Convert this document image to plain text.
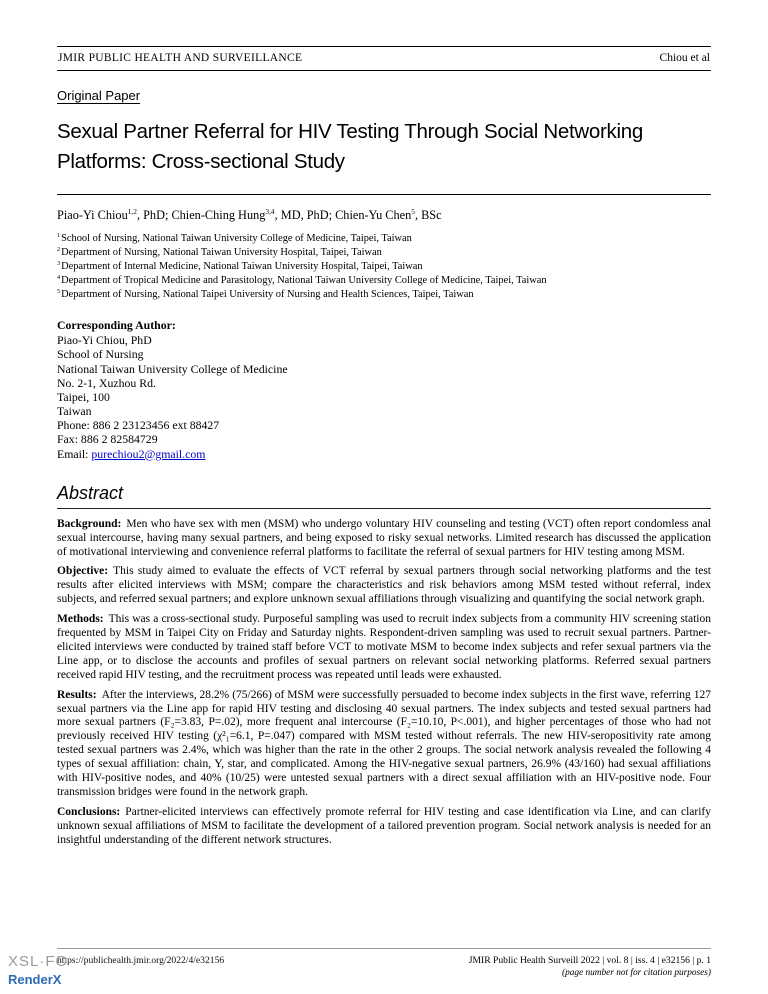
JMIR PUBLIC HEALTH AND SURVEILLANCE	Chiou et al
Original Paper
Sexual Partner Referral for HIV Testing Through Social Networking Platforms: Cross-sectional Study

Piao-Yi Chiou$^{1,2}$, PhD; Chien-Ching Hung$^{3,4}$, MD, PhD; Chien-Yu Chen$^5$, BSc

$^1$School of Nursing, National Taiwan University College of Medicine, Taipei, Taiwan
$^2$Department of Nursing, National Taiwan University Hospital, Taipei, Taiwan
$^3$Department of Internal Medicine, National Taiwan University Hospital, Taipei, Taiwan
$^4$Department of Tropical Medicine and Parasitology, National Taiwan University College of Medicine, Taipei, Taiwan
$^5$Department of Nursing, National Taipei University of Nursing and Health Sciences, Taipei, Taiwan
Corresponding Author:
Piao-Yi Chiou, PhD
School of Nursing
National Taiwan University College of Medicine
No. 2-1, Xuzhou Rd.
Taipei, 100
Taiwan
Phone: 886 2 23123456 ext 88427
Fax: 886 2 82584729
Email: purechiou2@gmail.com
Abstract

Background: Men who have sex with men (MSM) who undergo voluntary HIV counseling and testing (VCT) often report condomless anal sexual intercourse, having many sexual partners, and being exposed to risky sexual networks. Limited research has discussed the application of motivational interviewing and convenience referral platforms to facilitate the referral of sexual partners for HIV testing among MSM.

Objective: This study aimed to evaluate the effects of VCT referral by sexual partners through social networking platforms and the test results after elicited interviews with MSM; compare the characteristics and risk behaviors among MSM tested without referral, index subjects, and referred sexual partners; and explore unknown sexual affiliations through visualizing and quantifying the social network graph.

Methods: This was a cross-sectional study. Purposeful sampling was used to recruit index subjects from a community HIV screening station frequented by MSM in Taipei City on Friday and Saturday nights. Respondent-driven sampling was used to recruit sexual partners. Partner-elicited interviews were conducted by trained staff before VCT to motivate MSM to become index subjects and refer sexual partners via the Line app, or to disclose the accounts and profiles of sexual partners on relevant social networking platforms. Referred sexual partners received rapid HIV testing, and the recruitment process was repeated until leads were exhausted.

Results: After the interviews, 28.2% (75/266) of MSM were successfully persuaded to become index subjects in the first wave, referring 127 sexual partners via the Line app for rapid HIV testing and disclosing 40 sexual partners. The index subjects and tested sexual partners had more sexual partners (F₂=3.83, P=.02), more frequent anal intercourse (F₂=10.10, P<.001), and higher percentages of those who had not previously received HIV testing (χ²₁=6.1, P=.047) compared with MSM tested without referrals. The new HIV-seropositivity rate among tested sexual partners was 2.4%, which was higher than the rate in the other 2 groups. The social network analysis revealed the following 4 types of sexual affiliation: chain, Y, star, and complicated. Among the HIV-negative sexual partners, 26.9% (43/160) had sexual affiliations with HIV-positive nodes, and 40% (10/25) were untested sexual partners with a direct sexual affiliation with an HIV-positive node. Four transmission bridges were found in the network graph.

Conclusions: Partner-elicited interviews can effectively promote referral for HIV testing and case identification via Line, and can clarify unknown sexual affiliations of MSM to facilitate the development of a tailored prevention program. Social network analysis is needed for an insightful understanding of the different network structures.

https://publichealth.jmir.org/2022/4/e32156	JMIR Public Health Surveill 2022 | vol. 8 | iss. 4 | e32156 | p. 1
(page number not for citation purposes)
XSL·FO
RenderX
